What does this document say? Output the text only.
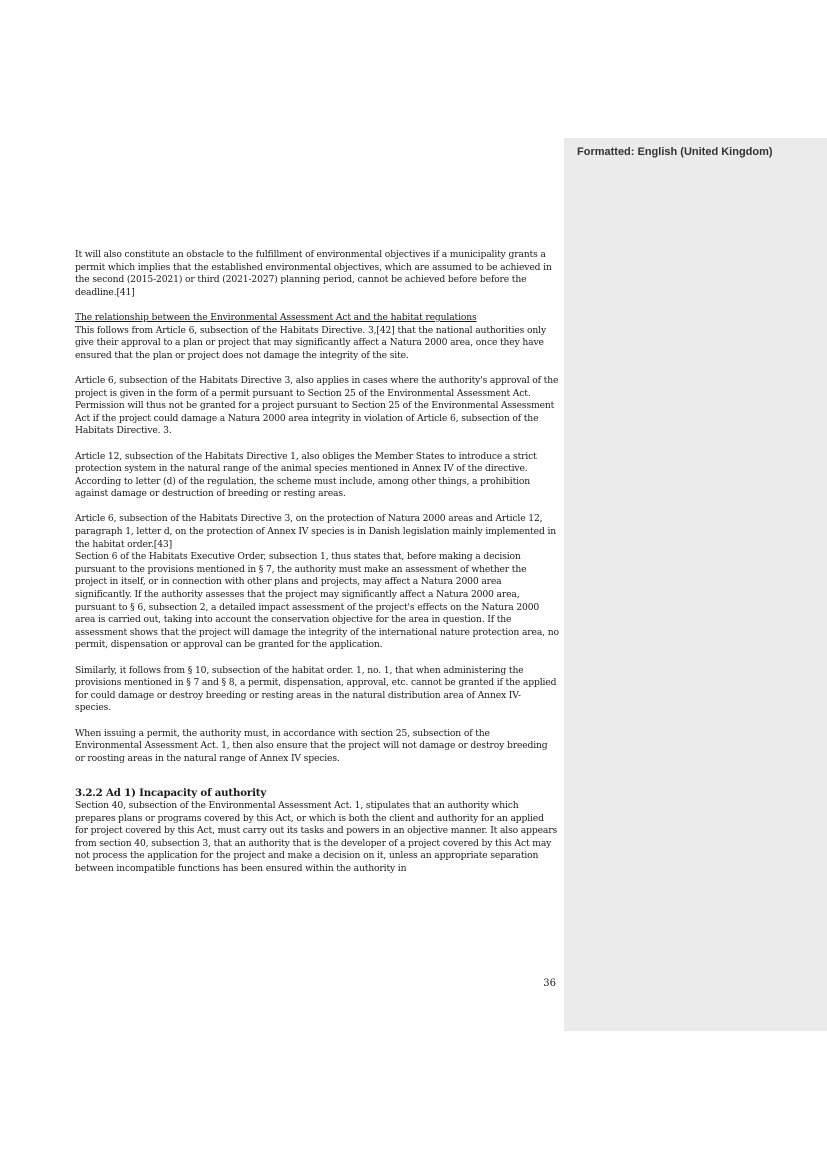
Formatted: English (United Kingdom)

It will also constitute an obstacle to the fulfillment of environmental objectives if a municipality grants a permit which implies that the established environmental objectives, which are assumed to be achieved in the second (2015-2021) or third (2021-2027) planning period, cannot be achieved before before the deadline.[41]

The relationship between the Environmental Assessment Act and the habitat regulations

This follows from Article 6, subsection of the Habitats Directive. 3,[42] that the national authorities only give their approval to a plan or project that may significantly affect a Natura 2000 area, once they have ensured that the plan or project does not damage the integrity of the site.

Article 6, subsection of the Habitats Directive 3, also applies in cases where the authority's approval of the project is given in the form of a permit pursuant to Section 25 of the Environmental Assessment Act. Permission will thus not be granted for a project pursuant to Section 25 of the Environmental Assessment Act if the project could damage a Natura 2000 area integrity in violation of Article 6, subsection of the Habitats Directive. 3.

Article 12, subsection of the Habitats Directive 1, also obliges the Member States to introduce a strict protection system in the natural range of the animal species mentioned in Annex IV of the directive. According to letter (d) of the regulation, the scheme must include, among other things, a prohibition against damage or destruction of breeding or resting areas.

Article 6, subsection of the Habitats Directive 3, on the protection of Natura 2000 areas and Article 12, paragraph 1, letter d, on the protection of Annex IV species is in Danish legislation mainly implemented in the habitat order.[43]

Section 6 of the Habitats Executive Order, subsection 1, thus states that, before making a decision pursuant to the provisions mentioned in § 7, the authority must make an assessment of whether the project in itself, or in connection with other plans and projects, may affect a Natura 2000 area significantly. If the authority assesses that the project may significantly affect a Natura 2000 area, pursuant to § 6, subsection 2, a detailed impact assessment of the project's effects on the Natura 2000 area is carried out, taking into account the conservation objective for the area in question. If the assessment shows that the project will damage the integrity of the international nature protection area, no permit, dispensation or approval can be granted for the application.

Similarly, it follows from § 10, subsection of the habitat order. 1, no. 1, that when administering the provisions mentioned in § 7 and § 8, a permit, dispensation, approval, etc. cannot be granted if the applied for could damage or destroy breeding or resting areas in the natural distribution area of Annex IV- species.

When issuing a permit, the authority must, in accordance with section 25, subsection of the Environmental Assessment Act. 1, then also ensure that the project will not damage or destroy breeding or roosting areas in the natural range of Annex IV species.

3.2.2 Ad 1) Incapacity of authority

Section 40, subsection of the Environmental Assessment Act. 1, stipulates that an authority which prepares plans or programs covered by this Act, or which is both the client and authority for an applied for project covered by this Act, must carry out its tasks and powers in an objective manner. It also appears from section 40, subsection 3, that an authority that is the developer of a project covered by this Act may not process the application for the project and make a decision on it, unless an appropriate separation between incompatible functions has been ensured within the authority in

36
